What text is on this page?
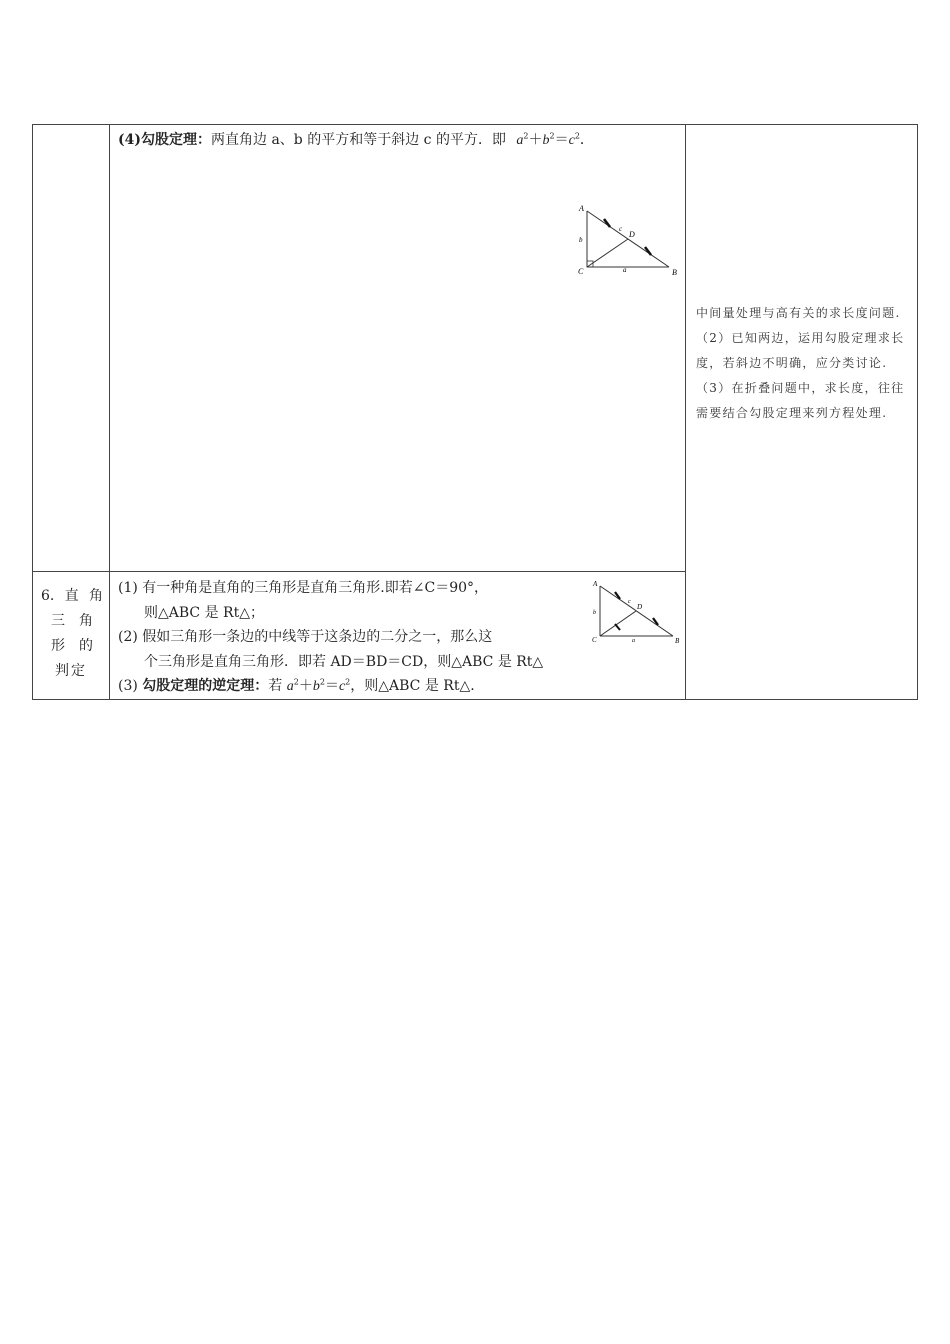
(4)勾股定理：两直角边 a、b 的平方和等于斜边 c 的平方．即 $a^2+b^2=c^2$．
A
B
C
D
b
a
c
6. 直 角
三 角
形 的
判定
(1) 有一种角是直角的三角形是直角三角形.即若∠C＝90°，
则△ABC 是 Rt△；
(2) 假如三角形一条边的中线等于这条边的二分之一，那么这
个三角形是直角三角形．即若 AD＝BD＝CD，则△ABC 是 Rt△
(3) 勾股定理的逆定理：若 $a^2+b^2=c^2$，则△ABC 是 Rt△.
A
B
C
D
b
a
c

中间量处理与高有关的求长度问题.

（2）已知两边，运用勾股定理求长度，若斜边不明确，应分类讨论.

（3）在折叠问题中，求长度，往往需要结合勾股定理来列方程处理.
